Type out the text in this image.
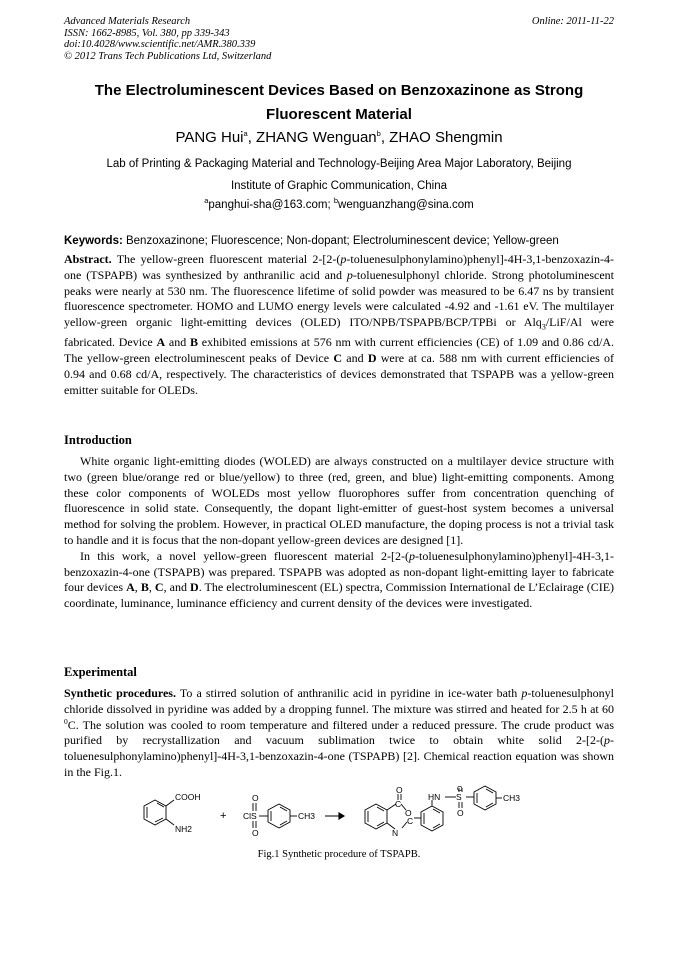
Advanced Materials Research
ISSN: 1662-8985, Vol. 380, pp 339-343
doi:10.4028/www.scientific.net/AMR.380.339
© 2012 Trans Tech Publications Ltd, Switzerland
Online: 2011-11-22
The Electroluminescent Devices Based on Benzoxazinone as Strong
Fluorescent Material
PANG Hui$^a$, ZHANG Wenguan$^b$, ZHAO Shengmin
Lab of Printing & Packaging Material and Technology-Beijing Area Major Laboratory, Beijing
Institute of Graphic Communication, China
$^a$panghui-sha@163.com; $^b$wenguanzhang@sina.com
Keywords: Benzoxazinone; Fluorescence; Non-dopant; Electroluminescent device; Yellow-green

Abstract. The yellow-green fluorescent material 2-[2-(p-toluenesulphonylamino)phenyl]-4H-3,1-benzoxazin-4-one (TSPAPB) was synthesized by anthranilic acid and p-toluenesulphonyl chloride. Strong photoluminescent peaks were nearly at 530 nm. The fluorescence lifetime of solid powder was measured to be 6.47 ns by transient fluorescence spectrometer. HOMO and LUMO energy levels were calculated -4.92 and -1.61 eV. The multilayer yellow-green organic light-emitting devices (OLED) ITO/NPB/TSPAPB/BCP/TPBi or Alq$_3$/LiF/Al were fabricated. Device A and B exhibited emissions at 576 nm with current efficiencies (CE) of 1.09 and 0.86 cd/A. The yellow-green electroluminescent peaks of Device C and D were at ca. 588 nm with current efficiencies of 0.94 and 0.68 cd/A, respectively. The characteristics of devices demonstrated that TSPAPB was a yellow-green emitter suitable for OLEDs.

Introduction

White organic light-emitting diodes (WOLED) are always constructed on a multilayer device structure with two (green blue/orange red or blue/yellow) to three (red, green, and blue) light-emitting components. Among these color components of WOLEDs most yellow fluorophores suffer from concentration quenching of fluorescence in solid state. Consequently, the dopant light-emitter of guest-host system becomes a universal method for solving the problem. However, in practical OLED manufacture, the doping process is not a trivial task to handle and it is focus that the non-dopant yellow-green devices are designed [1].

In this work, a novel yellow-green fluorescent material 2-[2-(p-toluenesulphonylamino)phenyl]-4H-3,1-benzoxazin-4-one (TSPAPB) was prepared. TSPAPB was adopted as non-dopant light-emitting layer to fabricate four devices A, B, C, and D. The electroluminescent (EL) spectra, Commission International de L’Eclairage (CIE) coordinate, luminance, luminance efficiency and current density of the devices were investigated.

Experimental

Synthetic procedures. To a stirred solution of anthranilic acid in pyridine in ice-water bath p-toluenesulphonyl chloride dissolved in pyridine was added by a dropping funnel. The mixture was stirred and heated for 2.5 h at 60 $^0$C. The solution was cooled to room temperature and filtered under a reduced pressure. The crude product was purified by recrystallization and vacuum sublimation twice to obtain white solid 2-[2-(p-toluenesulphonylamino)phenyl]-4H-3,1-benzoxazin-4-one (TSPAPB) [2]. Chemical reaction equation was shown in the Fig.1.

COOH
NH2
+ Cl S
O
O
CH3
C
O
O
N
C
HN S
O
O
CH3
Fig.1 Synthetic procedure of TSPAPB.
